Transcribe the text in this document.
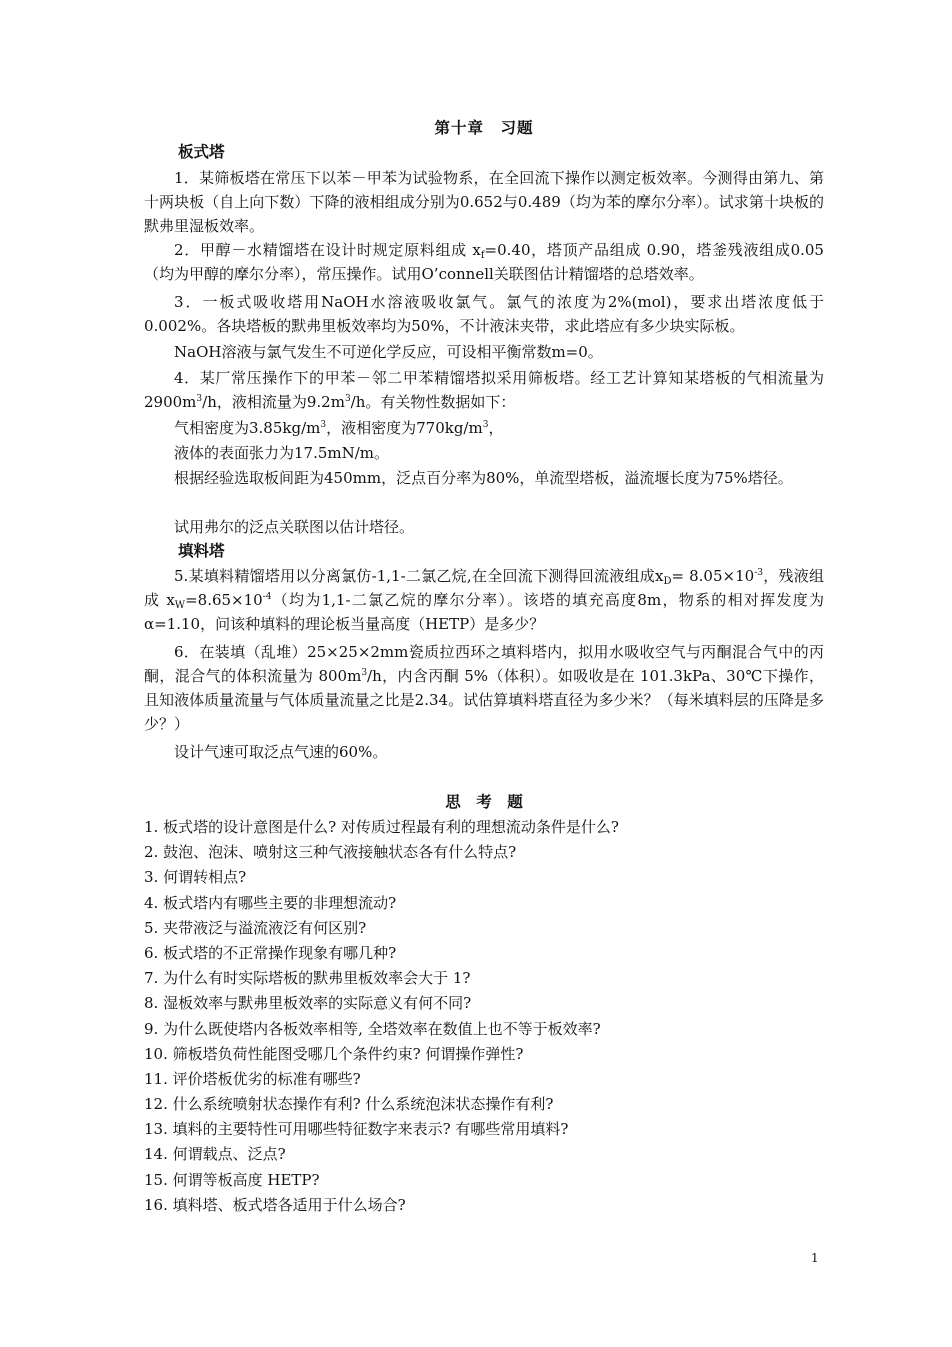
第十章　习题
板式塔

1．某筛板塔在常压下以苯－甲苯为试验物系，在全回流下操作以测定板效率。今测得由第九、第十两块板（自上向下数）下降的液相组成分别为0.652与0.489（均为苯的摩尔分率）。试求第十块板的默弗里湿板效率。

2．甲醇－水精馏塔在设计时规定原料组成 $x_f=0.40$，塔顶产品组成 0.90，塔釜残液组成0.05（均为甲醇的摩尔分率），常压操作。试用O’connell关联图估计精馏塔的总塔效率。

3．一板式吸收塔用NaOH水溶液吸收氯气。氯气的浓度为2%(mol)，要求出塔浓度低于0.002%。各块塔板的默弗里板效率均为50%，不计液沫夹带，求此塔应有多少块实际板。

NaOH溶液与氯气发生不可逆化学反应，可设相平衡常数m=0。

4．某厂常压操作下的甲苯－邻二甲苯精馏塔拟采用筛板塔。经工艺计算知某塔板的气相流量为$2900m^3/h$，液相流量为$9.2m^3/h$。有关物性数据如下：

气相密度为$3.85kg/m^3$，液相密度为$770kg/m^3$，

液体的表面张力为17.5mN/m。

根据经验选取板间距为450mm，泛点百分率为80%，单流型塔板，溢流堰长度为75%塔径。

试用弗尔的泛点关联图以估计塔径。

填料塔

5.某填料精馏塔用以分离氯仿-1,1-二氯乙烷,在全回流下测得回流液组成$x_D= 8.05\times 10^{-3}$，残液组成 $x_W=8.65\times 10^{-4}$（均为1,1-二氯乙烷的摩尔分率）。该塔的填充高度8m，物系的相对挥发度为α=1.10，问该种填料的理论板当量高度（HETP）是多少？

6．在装填（乱堆）25×25×2mm瓷质拉西环之填料塔内，拟用水吸收空气与丙酮混合气中的丙酮，混合气的体积流量为 $800m^3/h$，内含丙酮 5%（体积）。如吸收是在 101.3kPa、30℃下操作，且知液体质量流量与气体质量流量之比是2.34。试估算填料塔直径为多少米？（每米填料层的压降是多少？）

设计气速可取泛点气速的60%。

思　考　题
1. 板式塔的设计意图是什么? 对传质过程最有利的理想流动条件是什么?
2. 鼓泡、泡沫、喷射这三种气液接触状态各有什么特点?
3. 何谓转相点?
4. 板式塔内有哪些主要的非理想流动?
5. 夹带液泛与溢流液泛有何区别?
6. 板式塔的不正常操作现象有哪几种?
7. 为什么有时实际塔板的默弗里板效率会大于 1?
8. 湿板效率与默弗里板效率的实际意义有何不同?
9. 为什么既使塔内各板效率相等, 全塔效率在数值上也不等于板效率?
10. 筛板塔负荷性能图受哪几个条件约束? 何谓操作弹性?
11. 评价塔板优劣的标准有哪些?
12. 什么系统喷射状态操作有利? 什么系统泡沫状态操作有利?
13. 填料的主要特性可用哪些特征数字来表示? 有哪些常用填料?
14. 何谓载点、泛点?
15. 何谓等板高度 HETP?
16. 填料塔、板式塔各适用于什么场合?
1
